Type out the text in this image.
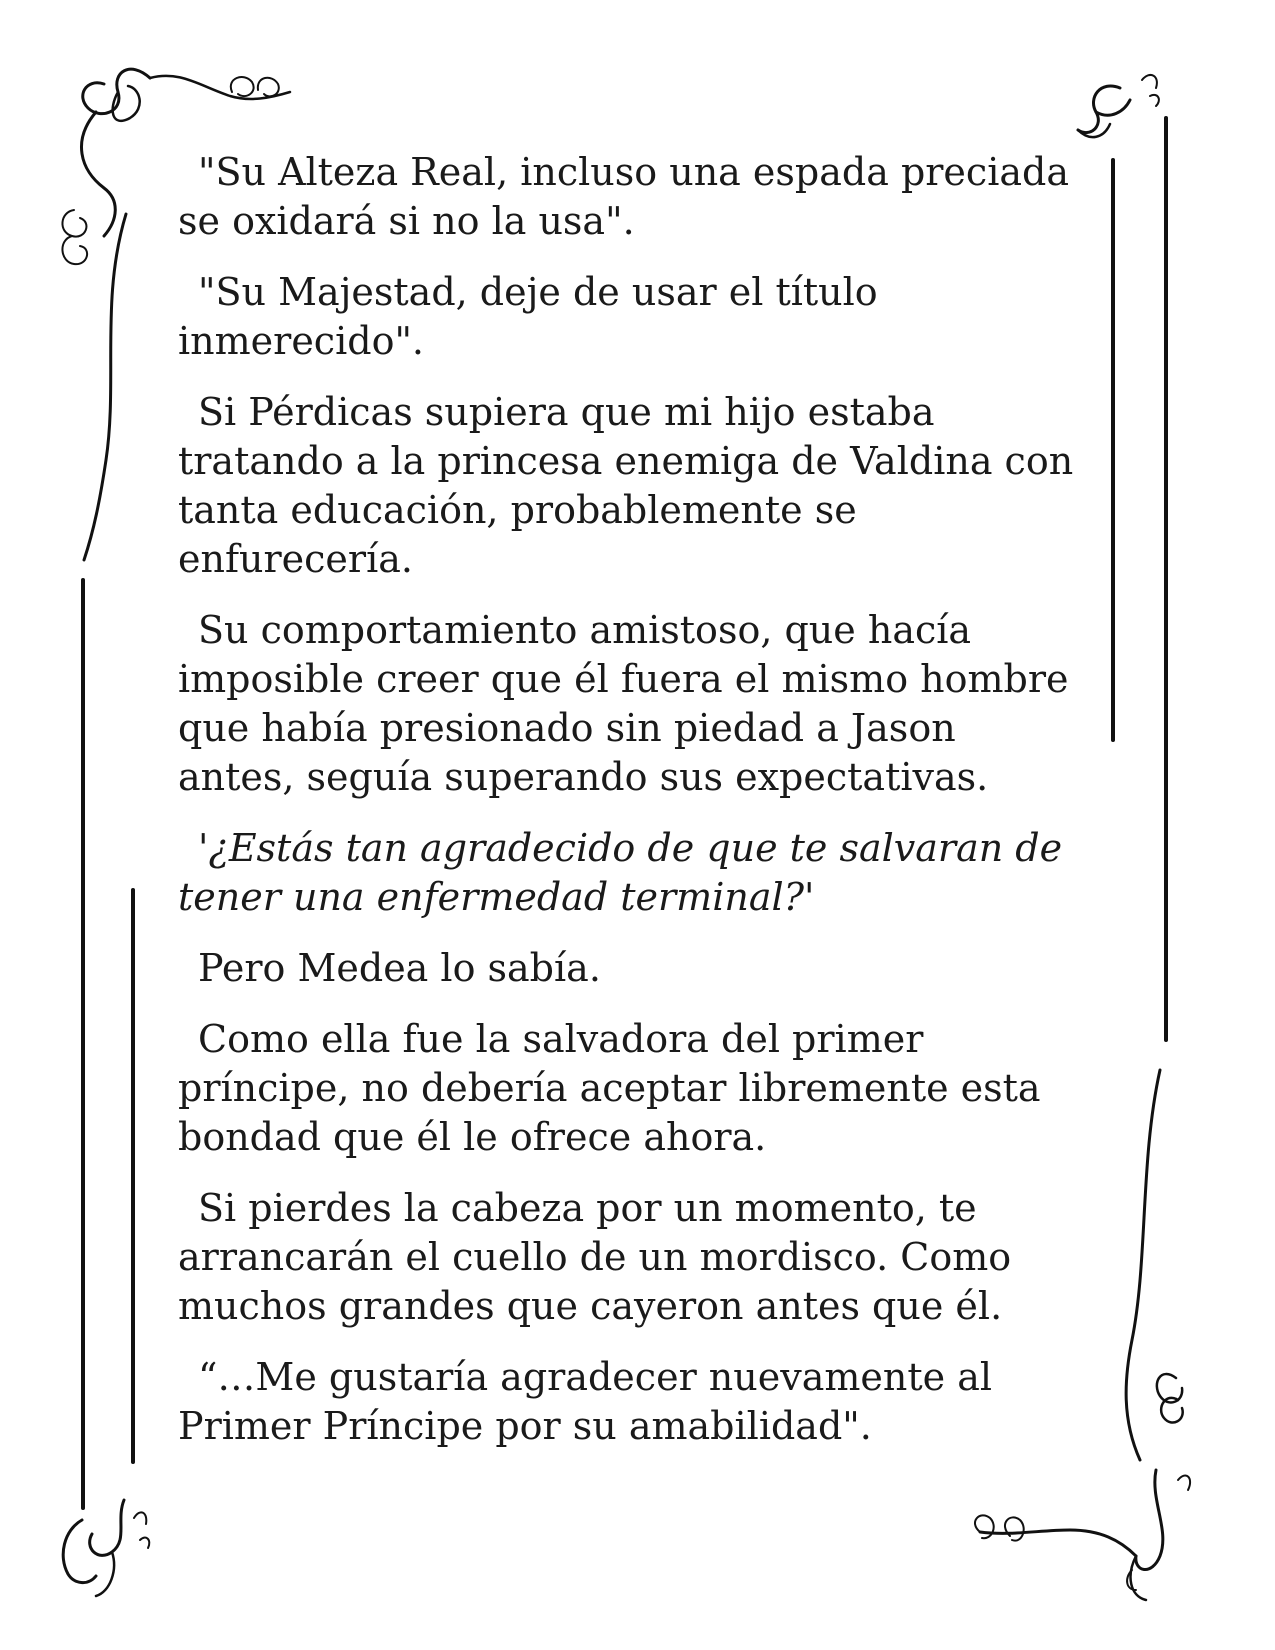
"Su Alteza Real, incluso una espada preciada se oxidará si no la usa".

"Su Majestad, deje de usar el título inmerecido".

Si Pérdicas supiera que mi hijo estaba tratando a la princesa enemiga de Valdina con tanta educación, probablemente se enfurecería.

Su comportamiento amistoso, que hacía imposible creer que él fuera el mismo hombre que había presionado sin piedad a Jason antes, seguía superando sus expectativas.

'¿Estás tan agradecido de que te salvaran de tener una enfermedad terminal?'

Pero Medea lo sabía.

Como ella fue la salvadora del primer príncipe, no debería aceptar libremente esta bondad que él le ofrece ahora.

Si pierdes la cabeza por un momento, te arrancarán el cuello de un mordisco. Como muchos grandes que cayeron antes que él.

“…Me gustaría agradecer nuevamente al Primer Príncipe por su amabilidad".
